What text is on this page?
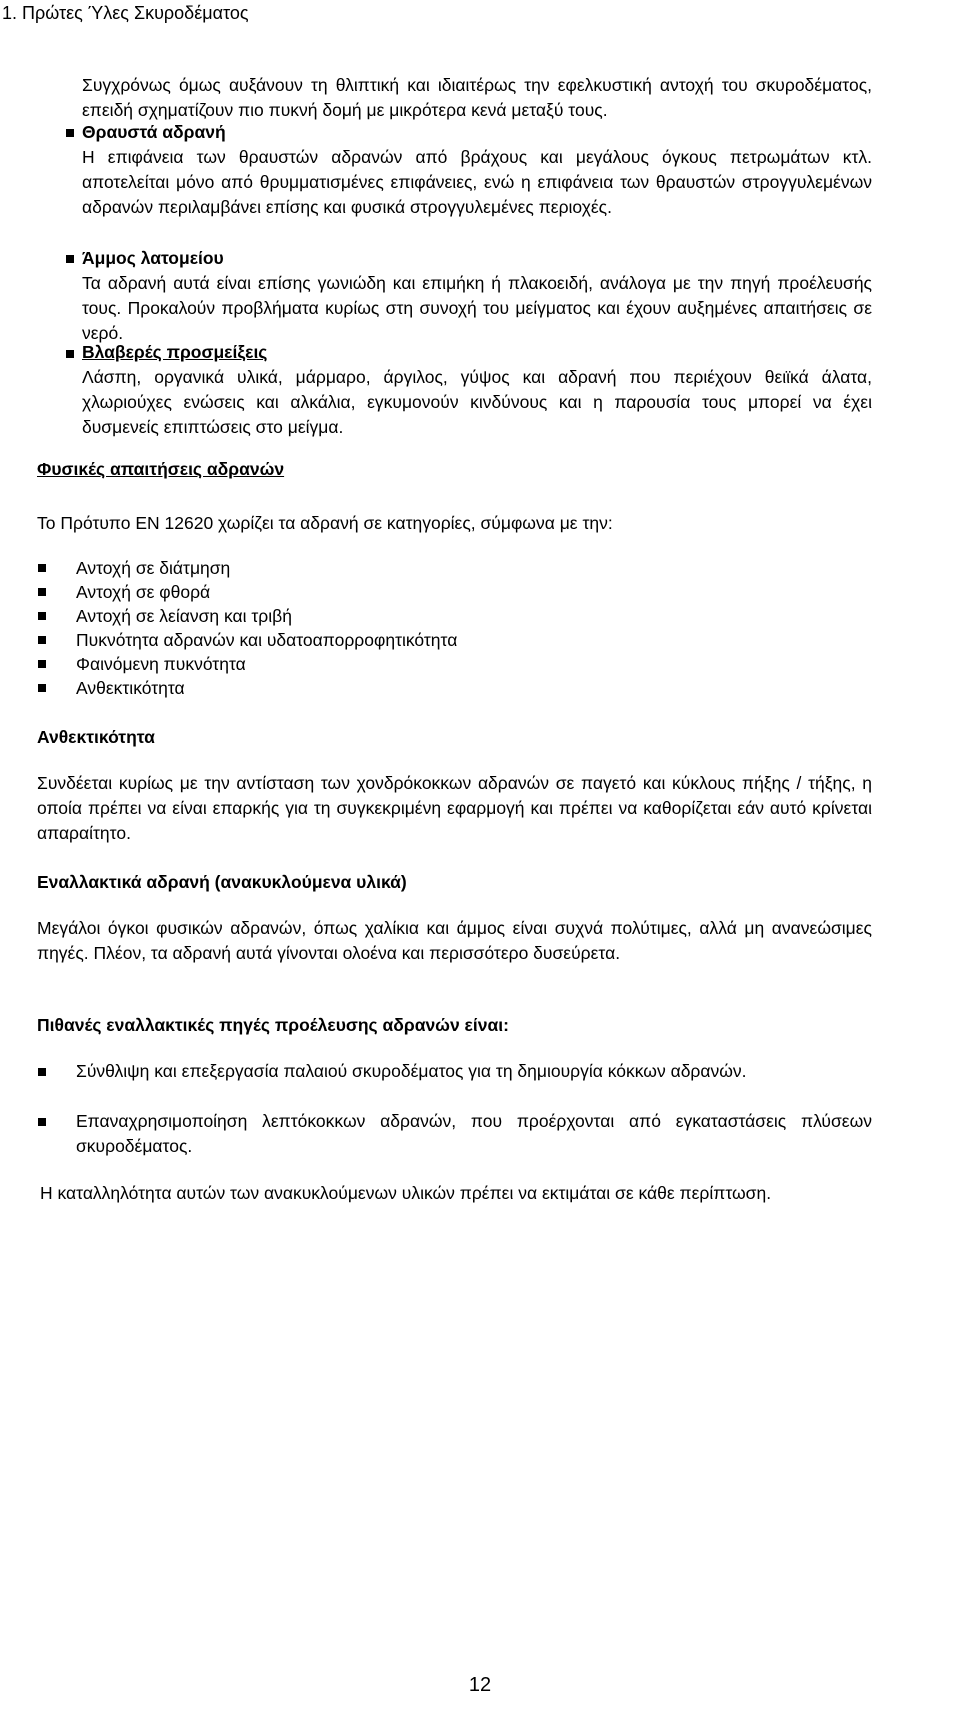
1. Πρώτες Ύλες Σκυροδέματος
Συγχρόνως όμως αυξάνουν τη θλιπτική και ιδιαιτέρως την εφελκυστική αντοχή του σκυροδέματος, επειδή σχηματίζουν πιο πυκνή δομή με μικρότερα κενά μεταξύ τους.
Θραυστά αδρανή
Η επιφάνεια των θραυστών αδρανών από βράχους και μεγάλους όγκους πετρωμάτων κτλ. αποτελείται μόνο από θρυμματισμένες επιφάνειες, ενώ η επιφάνεια των θραυστών στρογγυλεμένων αδρανών περιλαμβάνει επίσης και φυσικά στρογγυλεμένες περιοχές.
Άμμος λατομείου
Τα αδρανή αυτά είναι επίσης γωνιώδη και επιμήκη ή πλακοειδή, ανάλογα με την πηγή προέλευσής τους. Προκαλούν προβλήματα κυρίως στη συνοχή του μείγματος και έχουν αυξημένες απαιτήσεις σε νερό.
Βλαβερές προσμείξεις
Λάσπη, οργανικά υλικά, μάρμαρο, άργιλος, γύψος και αδρανή που περιέχουν θειϊκά άλατα, χλωριούχες ενώσεις και αλκάλια, εγκυμονούν κινδύνους και η παρουσία τους μπορεί να έχει δυσμενείς επιπτώσεις στο μείγμα.
Φυσικές απαιτήσεις αδρανών
Το Πρότυπο EN 12620 χωρίζει τα αδρανή σε κατηγορίες, σύμφωνα με την:
Αντοχή σε διάτμηση
Αντοχή σε φθορά
Αντοχή σε λείανση και τριβή
Πυκνότητα αδρανών και υδατοαπορροφητικότητα
Φαινόμενη πυκνότητα
Ανθεκτικότητα
Ανθεκτικότητα
Συνδέεται κυρίως με την αντίσταση των χονδρόκοκκων αδρανών σε παγετό και κύκλους πήξης / τήξης, η οποία πρέπει να είναι επαρκής για τη συγκεκριμένη εφαρμογή και πρέπει να καθορίζεται εάν αυτό κρίνεται απαραίτητο.
Εναλλακτικά αδρανή (ανακυκλούμενα υλικά)
Μεγάλοι όγκοι φυσικών αδρανών, όπως χαλίκια και άμμος είναι συχνά πολύτιμες, αλλά μη ανανεώσιμες πηγές. Πλέον, τα αδρανή αυτά γίνονται ολοένα και περισσότερο δυσεύρετα.
Πιθανές εναλλακτικές πηγές προέλευσης αδρανών είναι:
Σύνθλιψη και επεξεργασία παλαιού σκυροδέματος για τη δημιουργία κόκκων αδρανών.
Επαναχρησιμοποίηση λεπτόκοκκων αδρανών, που προέρχονται από εγκαταστάσεις πλύσεων σκυροδέματος.
Η καταλληλότητα αυτών των ανακυκλούμενων υλικών πρέπει να εκτιμάται σε κάθε περίπτωση.
12
